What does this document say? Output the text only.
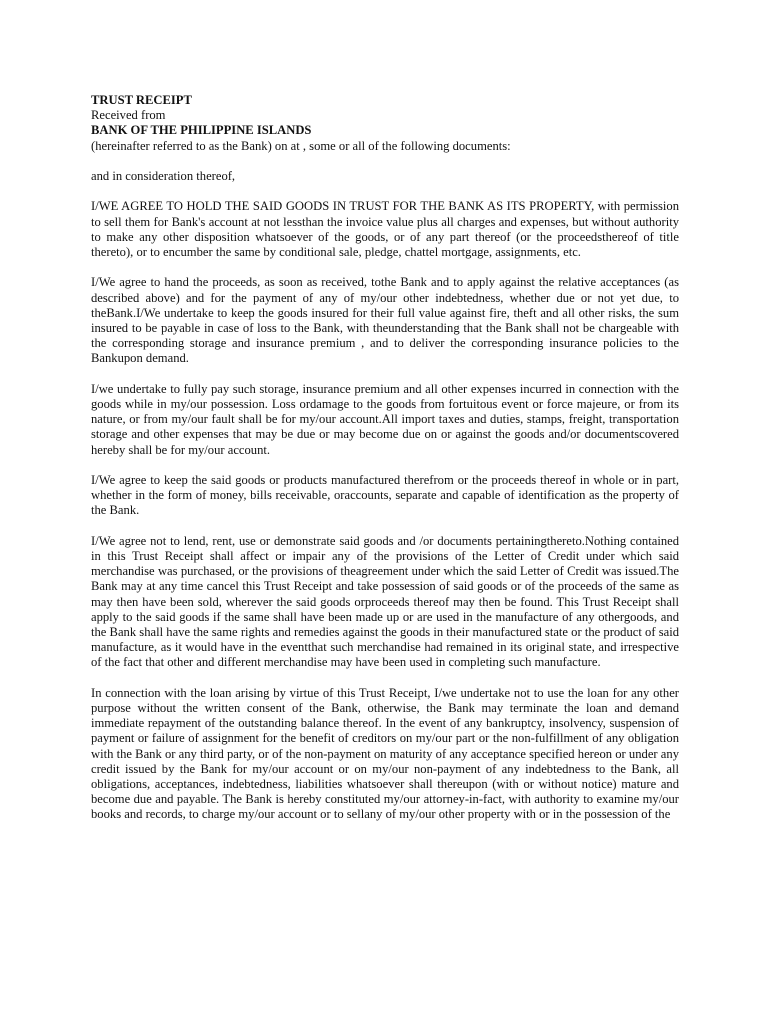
TRUST RECEIPT
Received from
BANK OF THE PHILIPPINE ISLANDS
(hereinafter referred to as the Bank) on at , some or all of the following documents:

and in consideration thereof,

I/WE AGREE TO HOLD THE SAID GOODS IN TRUST FOR THE BANK AS ITS PROPERTY, with permission to sell them for Bank's account at not lessthan the invoice value plus all charges and expenses, but without authority to make any other disposition whatsoever of the goods, or of any part thereof (or the proceedsthereof of title thereto), or to encumber the same by conditional sale, pledge, chattel mortgage, assignments, etc.

I/We agree to hand the proceeds, as soon as received, tothe Bank and to apply against the relative acceptances (as described above) and for the payment of any of my/our other indebtedness, whether due or not yet due, to theBank.I/We undertake to keep the goods insured for their full value against fire, theft and all other risks, the sum insured to be payable in case of loss to the Bank, with theunderstanding that the Bank shall not be chargeable with the corresponding storage and insurance premium , and to deliver the corresponding insurance policies to the Bankupon demand.

I/we undertake to fully pay such storage, insurance premium and all other expenses incurred in connection with the goods while in my/our possession. Loss ordamage to the goods from fortuitous event or force majeure, or from its nature, or from my/our fault shall be for my/our account.All import taxes and duties, stamps, freight, transportation storage and other expenses that may be due or may become due on or against the goods and/or documentscovered hereby shall be for my/our account.

I/We agree to keep the said goods or products manufactured therefrom or the proceeds thereof in whole or in part, whether in the form of money, bills receivable, oraccounts, separate and capable of identification as the property of the Bank.

I/We agree not to lend, rent, use or demonstrate said goods and /or documents pertainingthereto.Nothing contained in this Trust Receipt shall affect or impair any of the provisions of the Letter of Credit under which said merchandise was purchased, or the provisions of theagreement under which the said Letter of Credit was issued.The Bank may at any time cancel this Trust Receipt and take possession of said goods or of the proceeds of the same as may then have been sold, wherever the said goods orproceeds thereof may then be found. This Trust Receipt shall apply to the said goods if the same shall have been made up or are used in the manufacture of any othergoods, and the Bank shall have the same rights and remedies against the goods in their manufactured state or the product of said manufacture, as it would have in the eventthat such merchandise had remained in its original state, and irrespective of the fact that other and different merchandise may have been used in completing such manufacture.

In connection with the loan arising by virtue of this Trust Receipt, I/we undertake not to use the loan for any other purpose without the written consent of the Bank, otherwise, the Bank may terminate the loan and demand immediate repayment of the outstanding balance thereof. In the event of any bankruptcy, insolvency, suspension of payment or failure of assignment for the benefit of creditors on my/our part or the non-fulfillment of any obligation with the Bank or any third party, or of the non-payment on maturity of any acceptance specified hereon or under any credit issued by the Bank for my/our account or on my/our non-payment of any indebtedness to the Bank, all obligations, acceptances, indebtedness, liabilities whatsoever shall thereupon (with or without notice) mature and become due and payable. The Bank is hereby constituted my/our attorney-in-fact, with authority to examine my/our books and records, to charge my/our account or to sellany of my/our other property with or in the possession of the
